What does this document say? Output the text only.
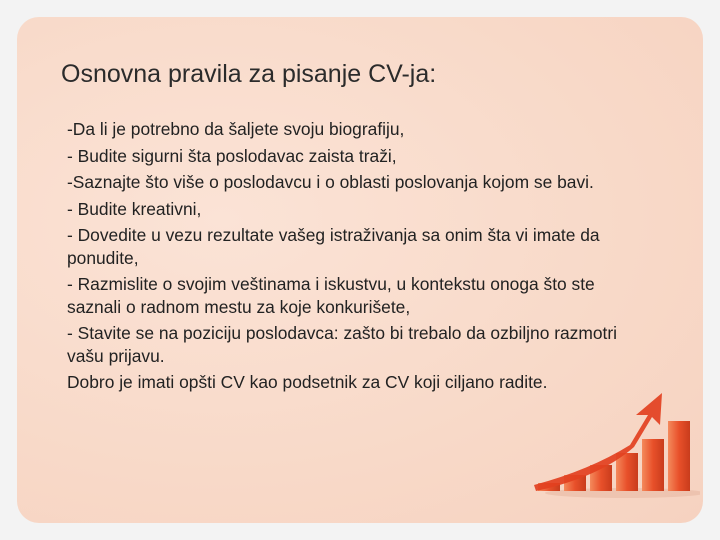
Osnovna pravila za pisanje CV-ja:
-Da li je potrebno da šaljete svoju biografiju,
- Budite sigurni šta poslodavac zaista traži,
-Saznajte što više o poslodavcu i o oblasti poslovanja kojom se bavi.
- Budite kreativni,
- Dovedite u vezu rezultate vašeg istraživanja sa onim šta vi imate da ponudite,
- Razmislite o svojim veštinama i iskustvu, u kontekstu onoga što ste saznali o radnom mestu za koje konkurišete,
- Stavite se na poziciju poslodavca: zašto bi trebalo da ozbiljno razmotri vašu prijavu.
Dobro je imati opšti CV kao podsetnik za CV koji ciljano radite.
